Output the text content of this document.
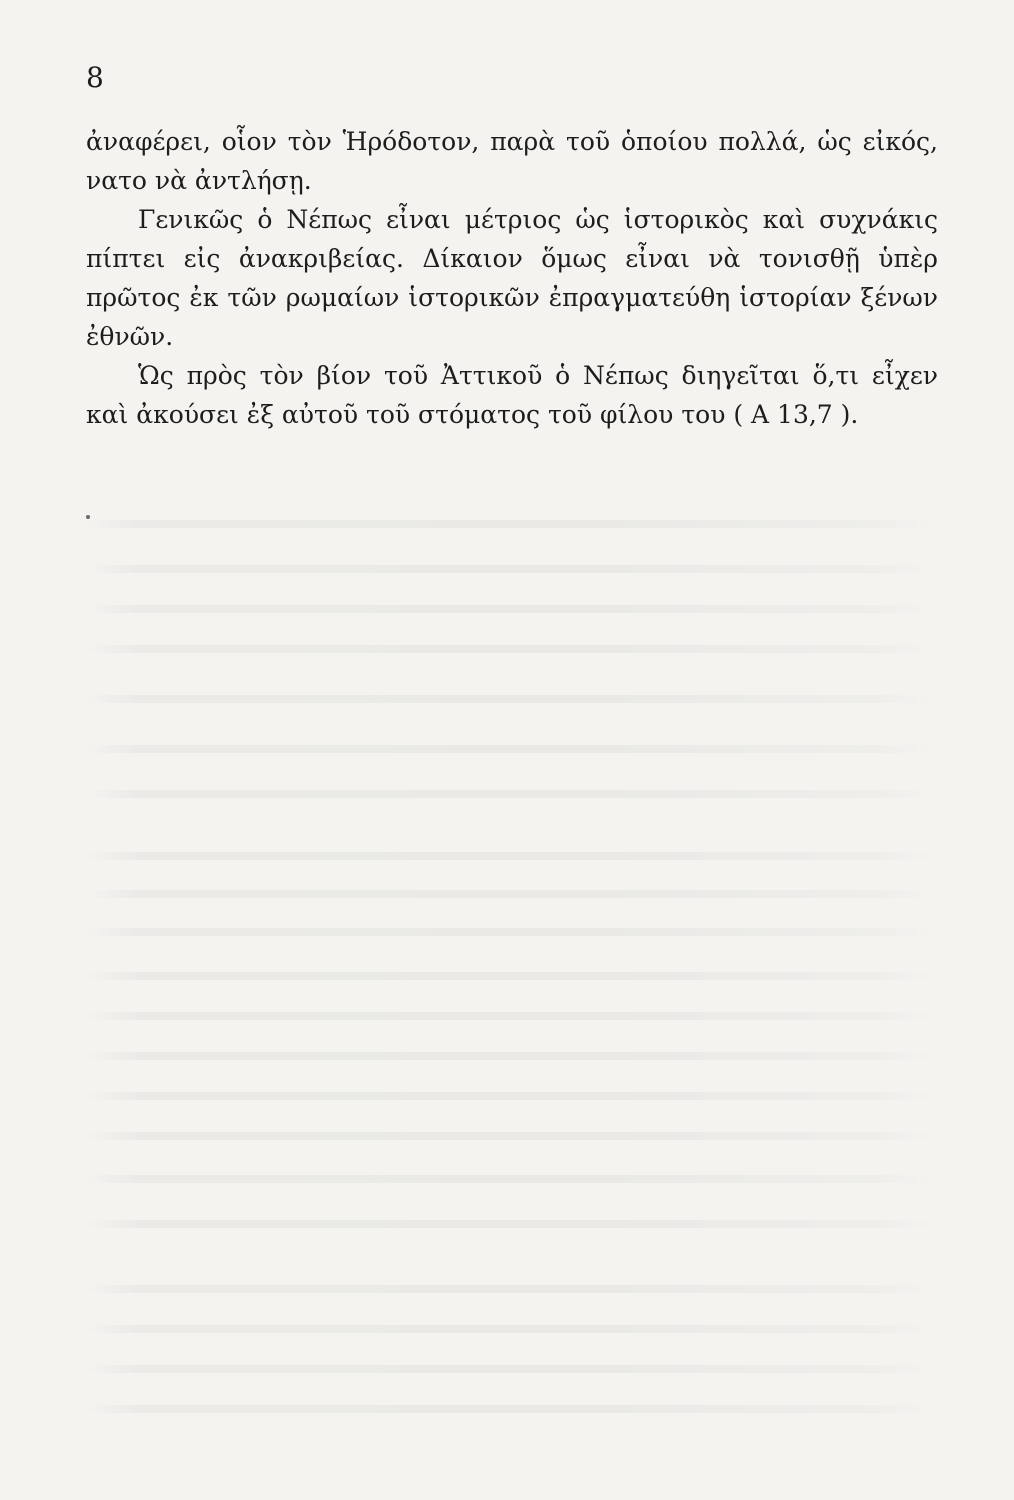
8
ἀναφέρει, οἷον τὸν Ἡρόδοτον, παρὰ τοῦ ὁποίου πολλά, ὡς εἰκός,
νατο νὰ ἀντλήσῃ.
Γενικῶς ὁ Νέπως εἶναι μέτριος ὡς ἱστορικὸς καὶ συχνάκις
πίπτει εἰς ἀνακριβείας. Δίκαιον ὅμως εἶναι νὰ τονισθῇ ὑπὲρ
πρῶτος ἐκ τῶν ρωμαίων ἱστορικῶν ἐπραγματεύθη ἱστορίαν ξένων
ἐθνῶν.
Ὡς πρὸς τὸν βίον τοῦ Ἀττικοῦ ὁ Νέπως διηγεῖται ὅ,τι εἶχεν
καὶ ἀκούσει ἐξ αὐτοῦ τοῦ στόματος τοῦ φίλου του ( Α 13,7 ).
